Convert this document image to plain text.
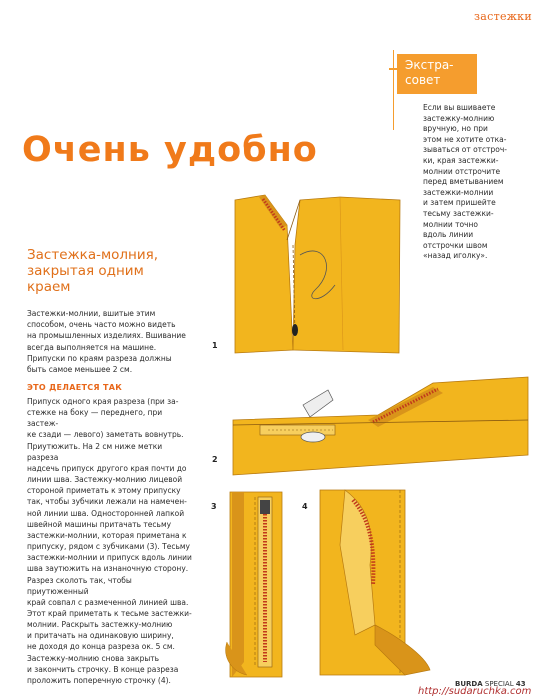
застежки
Экстра-
совет
Если вы вшиваете
застежку-молнию
вручную, но при
этом не хотите отка-
зываться от отстроч-
ки, края застежки-
молнии отстрочите
перед вметыванием
застежки-молнии
и затем пришейте
тесьму застежки-
молнии точно
вдоль линии
отстрочки швом
«назад иголку».
Очень удобно
Застежка-молния,
закрытая одним
краем
Застежки-молнии, вшитые этим
способом, очень часто можно видеть
на промышленных изделиях. Вшивание
всегда выполняется на машине.
Припуски по краям разреза должны
быть самое меньшее 2 см.
ЭТО ДЕЛАЕТСЯ ТАК
Припуск одного края разреза (при за-
стежке на боку — переднего, при застеж-
ке сзади — левого) заметать вовнутрь.
Приутюжить. На 2 см ниже метки разреза
надсечь припуск другого края почти до
линии шва. Застежку-молнию лицевой
стороной приметать к этому припуску
так, чтобы зубчики лежали на намечен-
ной линии шва. Односторонней лапкой
швейной машины притачать тесьму
застежки-молнии, которая приметана к
припуску, рядом с зубчиками (3). Тесьму
застежки-молнии и припуск вдоль линии
шва заутюжить на изнаночную сторону.
Разрез сколоть так, чтобы приутюженный
край совпал с размеченной линией шва.
Этот край приметать к тесьме застежки-
молнии. Раскрыть застежку-молнию
и притачать на одинаковую ширину,
не доходя до конца разреза ок. 5 см.
Застежку-молнию снова закрыть
и закончить строчку. В конце разреза
проложить поперечную строчку (4).
1
2
3	4
BURDA SPECIAL 43
http://sudaruchka.com
